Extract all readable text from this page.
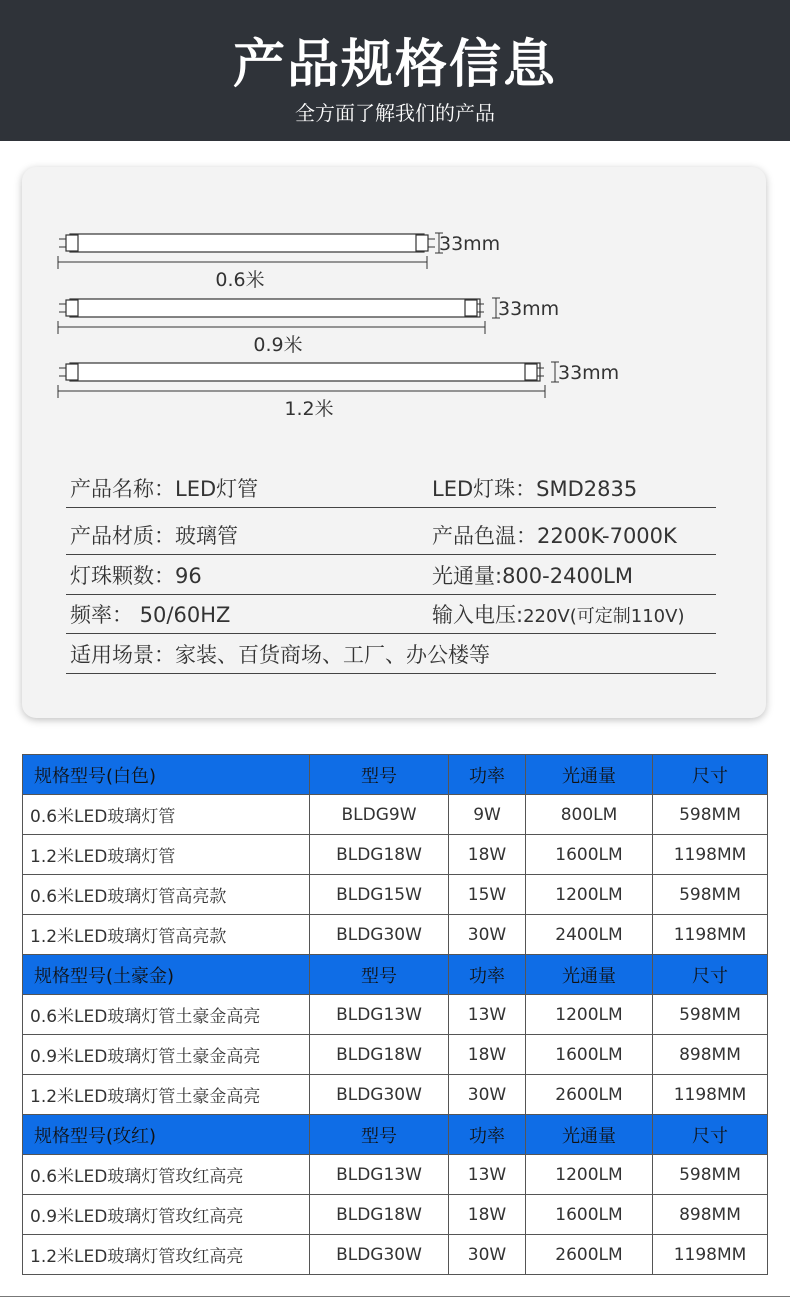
产品规格信息
全方面了解我们的产品
33mm
0.6米
33mm
0.9米
33mm
1.2米
产品名称：LED灯管	LED灯珠：SMD2835
产品材质：玻璃管	产品色温：2200K-7000K
灯珠颗数：96	光通量:800-2400LM
频率： 50/60HZ	输入电压:220V(可定制110V)
适用场景：家装、百货商场、工厂、办公楼等
规格型号(白色)	型号	功率	光通量	尺寸
0.6米LED玻璃灯管	BLDG9W	9W	800LM	598MM
1.2米LED玻璃灯管	BLDG18W	18W	1600LM	1198MM
0.6米LED玻璃灯管高亮款	BLDG15W	15W	1200LM	598MM
1.2米LED玻璃灯管高亮款	BLDG30W	30W	2400LM	1198MM
规格型号(土豪金)	型号	功率	光通量	尺寸
0.6米LED玻璃灯管土豪金高亮	BLDG13W	13W	1200LM	598MM
0.9米LED玻璃灯管土豪金高亮	BLDG18W	18W	1600LM	898MM
1.2米LED玻璃灯管土豪金高亮	BLDG30W	30W	2600LM	1198MM
规格型号(玫红)	型号	功率	光通量	尺寸
0.6米LED玻璃灯管玫红高亮	BLDG13W	13W	1200LM	598MM
0.9米LED玻璃灯管玫红高亮	BLDG18W	18W	1600LM	898MM
1.2米LED玻璃灯管玫红高亮	BLDG30W	30W	2600LM	1198MM
